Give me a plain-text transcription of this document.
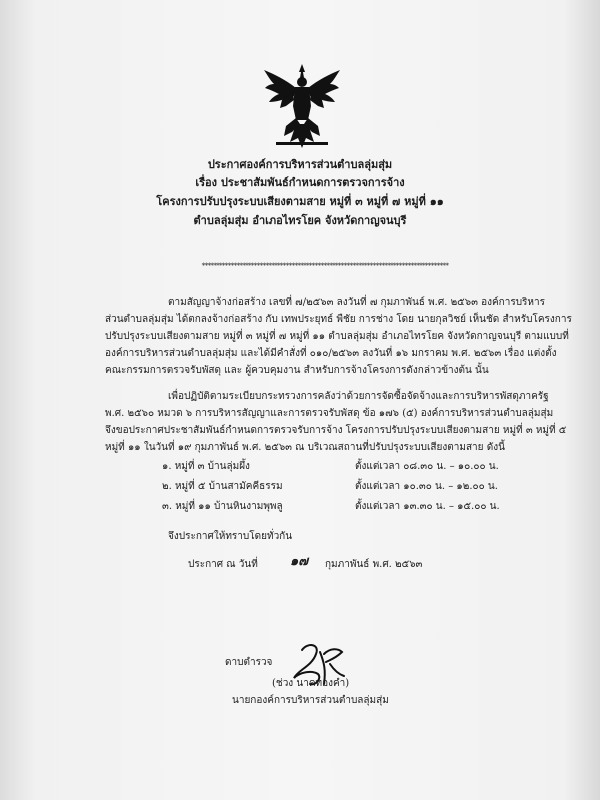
ประกาศองค์การบริหารส่วนตำบลลุ่มสุ่ม
เรื่อง ประชาสัมพันธ์กำหนดการตรวจการจ้าง
โครงการปรับปรุงระบบเสียงตามสาย หมู่ที่ ๓ หมู่ที่ ๗ หมู่ที่ ๑๑
ตำบลลุ่มสุ่ม อำเภอไทรโยค จังหวัดกาญจนบุรี
*************************************************************************************
ตามสัญญาจ้างก่อสร้าง เลขที่ ๗/๒๕๖๓ ลงวันที่ ๗ กุมภาพันธ์ พ.ศ. ๒๕๖๓ องค์การบริหาร
ส่วนตำบลลุ่มสุ่ม ได้ตกลงจ้างก่อสร้าง กับ เทพประยุทธ์ พืชัย การช่าง โดย นายกุลวิชย์ เห็นชัด สำหรับโครงการ
ปรับปรุงระบบเสียงตามสาย หมู่ที่ ๓ หมู่ที่ ๗ หมู่ที่ ๑๑ ตำบลลุ่มสุ่ม อำเภอไทรโยค จังหวัดกาญจนบุรี ตามแบบที่
องค์การบริหารส่วนตำบลลุ่มสุ่ม และได้มีคำสั่งที่ ๐๑๐/๒๕๖๓ ลงวันที่ ๑๖ มกราคม พ.ศ. ๒๕๖๓ เรื่อง แต่งตั้ง
คณะกรรมการตรวจรับพัสดุ และ ผู้ควบคุมงาน สำหรับการจ้างโครงการดังกล่าวข้างต้น นั้น
เพื่อปฏิบัติตามระเบียบกระทรวงการคลังว่าด้วยการจัดซื้อจัดจ้างและการบริหารพัสดุภาครัฐ
พ.ศ. ๒๕๖๐ หมวด ๖ การบริหารสัญญาและการตรวจรับพัสดุ ข้อ ๑๗๖ (๕) องค์การบริหารส่วนตำบลลุ่มสุ่ม
จึงขอประกาศประชาสัมพันธ์กำหนดการตรวจรับการจ้าง โครงการปรับปรุงระบบเสียงตามสาย หมู่ที่ ๓ หมู่ที่ ๕
หมู่ที่ ๑๑ ในวันที่ ๑๙ กุมภาพันธ์ พ.ศ. ๒๕๖๓ ณ บริเวณสถานที่ปรับปรุงระบบเสียงตามสาย ดังนี้
๑. หมู่ที่ ๓ บ้านลุ่มผึ้ง	ตั้งแต่เวลา ๐๘.๓๐ น. – ๑๐.๐๐ น.
๒. หมู่ที่ ๕ บ้านสามัคคีธรรม	ตั้งแต่เวลา ๑๐.๓๐ น. – ๑๒.๐๐ น.
๓. หมู่ที่ ๑๑ บ้านหินงามพุพลู	ตั้งแต่เวลา ๑๓.๓๐ น. – ๑๕.๐๐ น.
จึงประกาศให้ทราบโดยทั่วกัน
ประกาศ ณ วันที่ ๑๗ กุมภาพันธ์ พ.ศ. ๒๕๖๓
ดาบตำรวจ
(ช่วง นาคทองคำ)
นายกองค์การบริหารส่วนตำบลลุ่มสุ่ม
